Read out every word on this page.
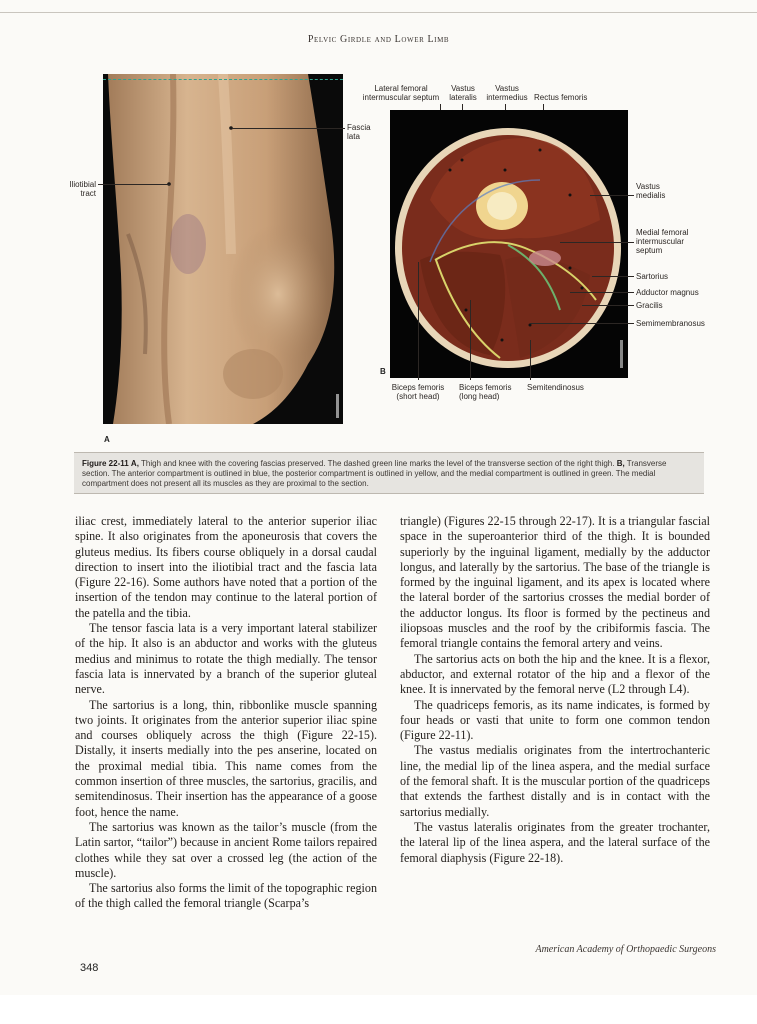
Pelvic Girdle and Lower Limb
Fascia
lata
Iliotibial
tract
A
Lateral femoral
intermuscular septum
Vastus
lateralis
Vastus
intermedius Rectus femoris
Vastus
medialis
Medial femoral
intermuscular
septum
Sartorius
Adductor magnus
Gracilis
Semimembranosus
B
Biceps femoris
(short head)
Biceps femoris
(long head)
Semitendinosus

Figure 22-11 A, Thigh and knee with the covering fascias preserved. The dashed green line marks the level of the transverse section of the right thigh. B, Transverse section. The anterior compartment is outlined in blue, the posterior compartment is outlined in yellow, and the medial compartment is outlined in green. The medial compartment does not present all its muscles as they are proximal to the section.

iliac crest, immediately lateral to the anterior superior iliac spine. It also originates from the aponeurosis that covers the gluteus medius. Its fibers course obliquely in a dorsal caudal direction to insert into the iliotibial tract and the fascia lata (Figure 22-16). Some authors have noted that a portion of the insertion of the tendon may continue to the lateral portion of the patella and the tibia.

The tensor fascia lata is a very important lateral stabilizer of the hip. It also is an abductor and works with the gluteus medius and minimus to rotate the thigh medially. The tensor fascia lata is innervated by a branch of the superior gluteal nerve.

The sartorius is a long, thin, ribbonlike muscle spanning two joints. It originates from the anterior superior iliac spine and courses obliquely across the thigh (Figure 22-15). Distally, it inserts medially into the pes anserine, located on the proximal medial tibia. This name comes from the common insertion of three muscles, the sartorius, gracilis, and semitendinosus. Their insertion has the appearance of a goose foot, hence the name.

The sartorius was known as the tailor’s muscle (from the Latin sartor, “tailor”) because in ancient Rome tailors repaired clothes while they sat over a crossed leg (the action of the muscle).

The sartorius also forms the limit of the topographic region of the thigh called the femoral triangle (Scarpa’s

triangle) (Figures 22-15 through 22-17). It is a triangular fascial space in the superoanterior third of the thigh. It is bounded superiorly by the inguinal ligament, medially by the adductor longus, and laterally by the sartorius. The base of the triangle is formed by the inguinal ligament, and its apex is located where the lateral border of the sartorius crosses the medial border of the adductor longus. Its floor is formed by the pectineus and iliopsoas muscles and the roof by the cribiformis fascia. The femoral triangle contains the femoral artery and veins.

The sartorius acts on both the hip and the knee. It is a flexor, abductor, and external rotator of the hip and a flexor of the knee. It is innervated by the femoral nerve (L2 through L4).

The quadriceps femoris, as its name indicates, is formed by four heads or vasti that unite to form one common tendon (Figure 22-11).

The vastus medialis originates from the intertrochanteric line, the medial lip of the linea aspera, and the medial surface of the femoral shaft. It is the muscular portion of the quadriceps that extends the farthest distally and is in contact with the sartorius medially.

The vastus lateralis originates from the greater trochanter, the lateral lip of the linea aspera, and the lateral surface of the femoral diaphysis (Figure 22-18).

American Academy of Orthopaedic Surgeons
348
